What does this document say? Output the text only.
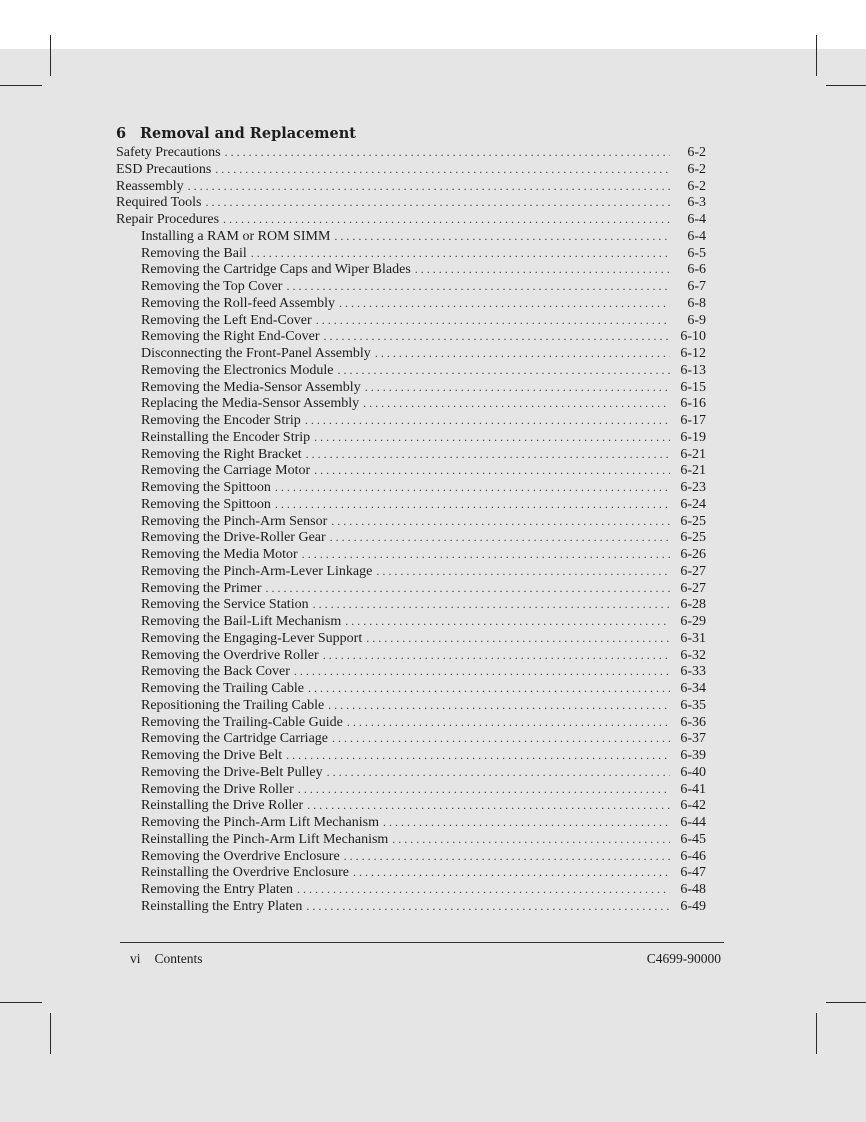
6 Removal and Replacement
Safety Precautions . . .	6-2
ESD Precautions . . .	6-2
Reassembly . . .	6-2
Required Tools . . .	6-3
Repair Procedures . . .	6-4
Installing a RAM or ROM SIMM . . .	6-4
Removing the Bail . . .	6-5
Removing the Cartridge Caps and Wiper Blades . . .	6-6
Removing the Top Cover . . .	6-7
Removing the Roll-feed Assembly . . .	6-8
Removing the Left End-Cover . . .	6-9
Removing the Right End-Cover . . .	6-10
Disconnecting the Front-Panel Assembly . . .	6-12
Removing the Electronics Module . . .	6-13
Removing the Media-Sensor Assembly . . .	6-15
Replacing the Media-Sensor Assembly . . .	6-16
Removing the Encoder Strip . . .	6-17
Reinstalling the Encoder Strip . . .	6-19
Removing the Right Bracket . . .	6-21
Removing the Carriage Motor . . .	6-21
Removing the Spittoon . . .	6-23
Removing the Spittoon . . .	6-24
Removing the Pinch-Arm Sensor . . .	6-25
Removing the Drive-Roller Gear . . .	6-25
Removing the Media Motor . . .	6-26
Removing the Pinch-Arm-Lever Linkage . . .	6-27
Removing the Primer . . .	6-27
Removing the Service Station . . .	6-28
Removing the Bail-Lift Mechanism . . .	6-29
Removing the Engaging-Lever Support . . .	6-31
Removing the Overdrive Roller . . .	6-32
Removing the Back Cover . . .	6-33
Removing the Trailing Cable . . .	6-34
Repositioning the Trailing Cable . . .	6-35
Removing the Trailing-Cable Guide . . .	6-36
Removing the Cartridge Carriage . . .	6-37
Removing the Drive Belt . . .	6-39
Removing the Drive-Belt Pulley . . .	6-40
Removing the Drive Roller . . .	6-41
Reinstalling the Drive Roller . . .	6-42
Removing the Pinch-Arm Lift Mechanism . . .	6-44
Reinstalling the Pinch-Arm Lift Mechanism . . .	6-45
Removing the Overdrive Enclosure . . .	6-46
Reinstalling the Overdrive Enclosure . . .	6-47
Removing the Entry Platen . . .	6-48
Reinstalling the Entry Platen . . .	6-49
vi Contents	C4699-90000
